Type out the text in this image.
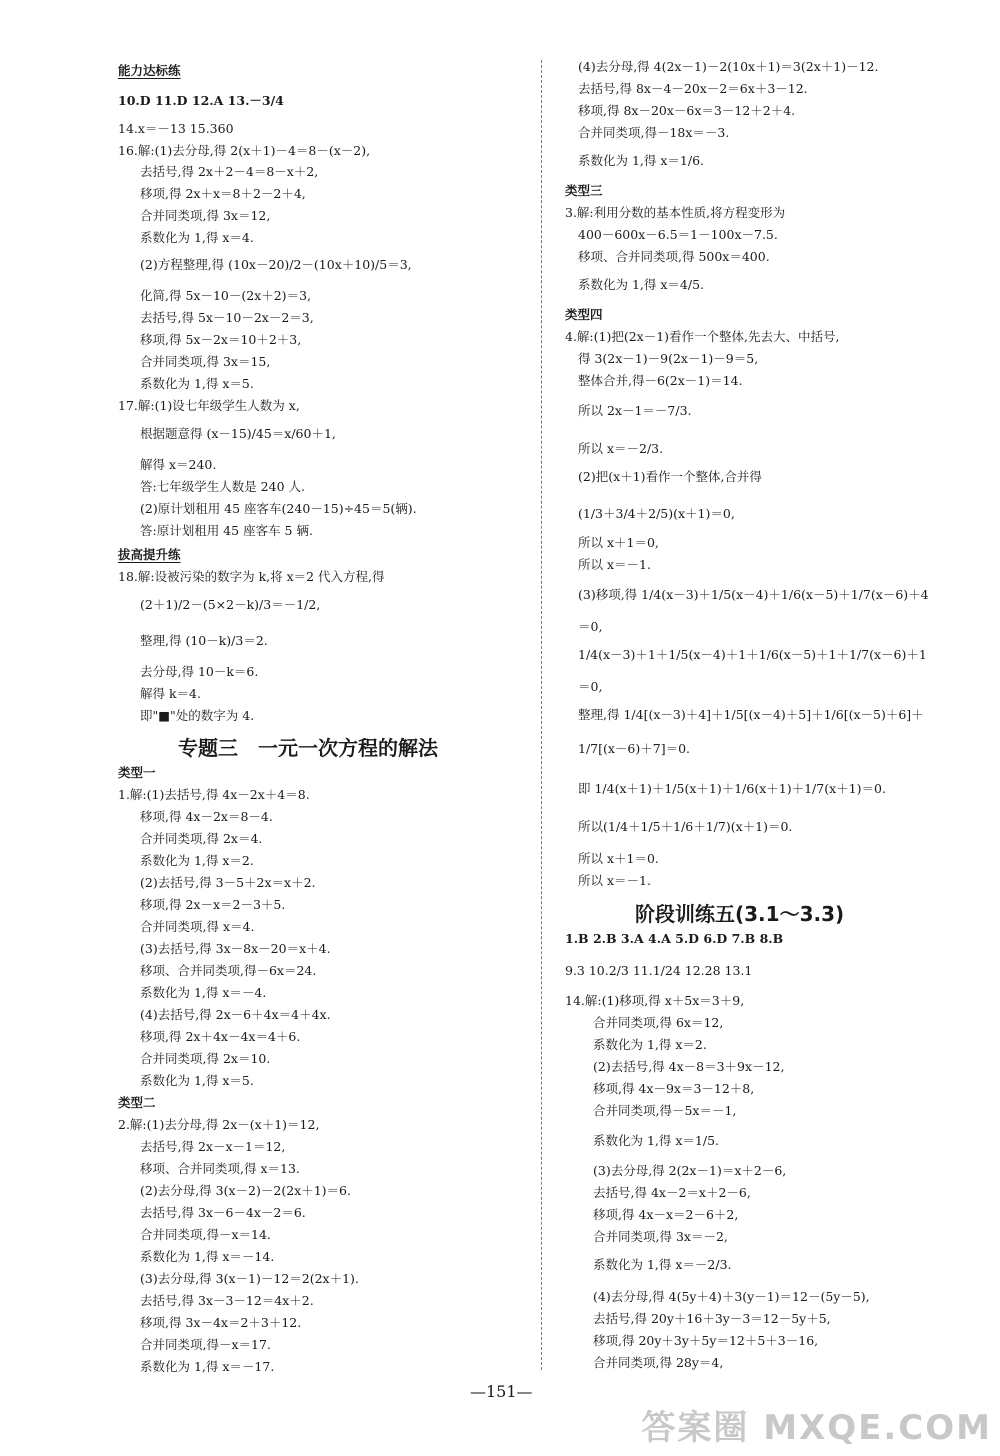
能力达标练
10.D 11.D 12.A 13.－3/4
14.x＝－13 15.360
16.解:(1)去分母,得 2(x＋1)－4＝8－(x－2),
去括号,得 2x＋2－4＝8－x＋2,
移项,得 2x＋x＝8＋2－2＋4,
合并同类项,得 3x＝12,
系数化为 1,得 x＝4.
(2)方程整理,得 (10x－20)/2－(10x＋10)/5＝3,
化简,得 5x－10－(2x＋2)＝3,
去括号,得 5x－10－2x－2＝3,
移项,得 5x－2x＝10＋2＋3,
合并同类项,得 3x＝15,
系数化为 1,得 x＝5.
17.解:(1)设七年级学生人数为 x,
根据题意得 (x－15)/45＝x/60＋1,
解得 x＝240.
答:七年级学生人数是 240 人.
(2)原计划租用 45 座客车(240－15)÷45＝5(辆).
答:原计划租用 45 座客车 5 辆.
拔高提升练
18.解:设被污染的数字为 k,将 x＝2 代入方程,得
(2＋1)/2－(5×2－k)/3＝－1/2,
整理,得 (10－k)/3＝2.
去分母,得 10－k＝6.
解得 k＝4.
即"■"处的数字为 4.
类型一
1.解:(1)去括号,得 4x－2x＋4＝8.
移项,得 4x－2x＝8－4.
合并同类项,得 2x＝4.
系数化为 1,得 x＝2.
(2)去括号,得 3－5＋2x＝x＋2.
移项,得 2x－x＝2－3＋5.
合并同类项,得 x＝4.
(3)去括号,得 3x－8x－20＝x＋4.
移项、合并同类项,得－6x＝24.
系数化为 1,得 x＝－4.
(4)去括号,得 2x－6＋4x＝4＋4x.
移项,得 2x＋4x－4x＝4＋6.
合并同类项,得 2x＝10.
系数化为 1,得 x＝5.
类型二
2.解:(1)去分母,得 2x－(x＋1)＝12,
去括号,得 2x－x－1＝12,
移项、合并同类项,得 x＝13.
(2)去分母,得 3(x－2)－2(2x＋1)＝6.
去括号,得 3x－6－4x－2＝6.
合并同类项,得－x＝14.
系数化为 1,得 x＝－14.
(3)去分母,得 3(x－1)－12＝2(2x＋1).
去括号,得 3x－3－12＝4x＋2.
移项,得 3x－4x＝2＋3＋12.
合并同类项,得－x＝17.
系数化为 1,得 x＝－17.
(4)去分母,得 4(2x－1)－2(10x＋1)＝3(2x＋1)－12.
去括号,得 8x－4－20x－2＝6x＋3－12.
移项,得 8x－20x－6x＝3－12＋2＋4.
合并同类项,得－18x＝－3.
系数化为 1,得 x＝1/6.
类型三
3.解:利用分数的基本性质,将方程变形为
400－600x－6.5＝1－100x－7.5.
移项、合并同类项,得 500x＝400.
系数化为 1,得 x＝4/5.
类型四
4.解:(1)把(2x－1)看作一个整体,先去大、中括号,
得 3(2x－1)－9(2x－1)－9＝5,
整体合并,得－6(2x－1)＝14.
所以 2x－1＝－7/3.
所以 x＝－2/3.
(2)把(x＋1)看作一个整体,合并得
(1/3＋3/4＋2/5)(x＋1)＝0,
所以 x＋1＝0,
所以 x＝－1.
(3)移项,得 1/4(x－3)＋1/5(x－4)＋1/6(x－5)＋1/7(x－6)＋4
＝0,
1/4(x－3)＋1＋1/5(x－4)＋1＋1/6(x－5)＋1＋1/7(x－6)＋1
＝0,
整理,得 1/4[(x－3)＋4]＋1/5[(x－4)＋5]＋1/6[(x－5)＋6]＋
1/7[(x－6)＋7]＝0.
即 1/4(x＋1)＋1/5(x＋1)＋1/6(x＋1)＋1/7(x＋1)＝0.
所以(1/4＋1/5＋1/6＋1/7)(x＋1)＝0.
所以 x＋1＝0.
所以 x＝－1.
1.B 2.B 3.A 4.A 5.D 6.D 7.B 8.B
9.3 10.2/3 11.1/24 12.28 13.1
14.解:(1)移项,得 x＋5x＝3＋9,
合并同类项,得 6x＝12,
系数化为 1,得 x＝2.
(2)去括号,得 4x－8＝3＋9x－12,
移项,得 4x－9x＝3－12＋8,
合并同类项,得－5x＝－1,
系数化为 1,得 x＝1/5.
(3)去分母,得 2(2x－1)＝x＋2－6,
去括号,得 4x－2＝x＋2－6,
移项,得 4x－x＝2－6＋2,
合并同类项,得 3x＝－2,
系数化为 1,得 x＝－2/3.
(4)去分母,得 4(5y＋4)＋3(y－1)＝12－(5y－5),
去括号,得 20y＋16＋3y－3＝12－5y＋5,
移项,得 20y＋3y＋5y＝12＋5＋3－16,
合并同类项,得 28y＝4,
专题三　一元一次方程的解法
阶段训练五(3.1～3.3)
—151—
答案圈 MXQE.COM
